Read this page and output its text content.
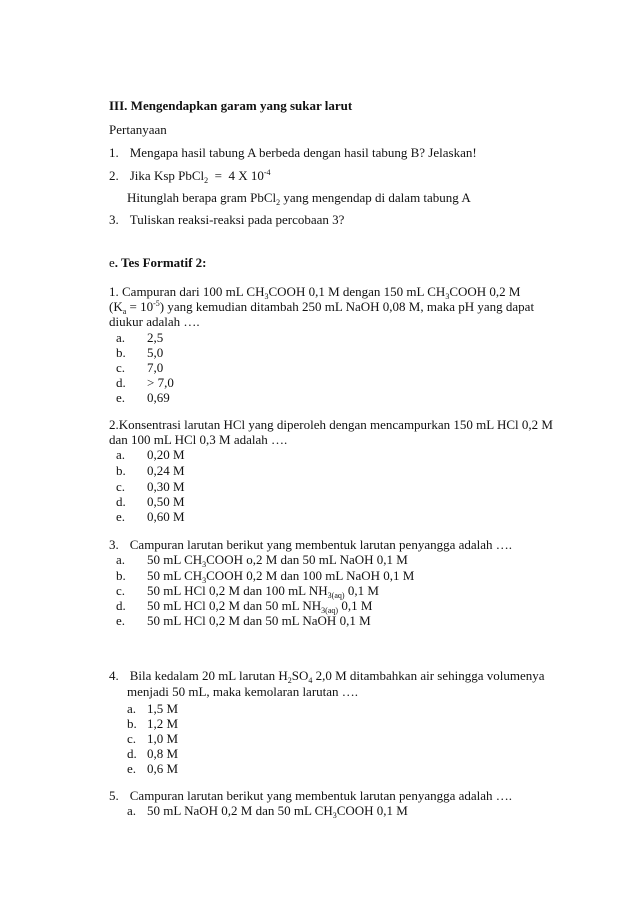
III. Mengendapkan garam yang sukar larut
Pertanyaan
1. Mengapa hasil tabung A berbeda dengan hasil tabung B? Jelaskan!
2. Jika Ksp PbCl$_2$  =  4 X $10^{-4}$
Hitunglah berapa gram PbCl$_2$ yang mengendap di dalam tabung A
3. Tuliskan reaksi-reaksi pada percobaan 3?
e. Tes Formatif 2:
1. Campuran dari 100 mL $CH_3COOH$ 0,1 M dengan 150 mL $CH_3COOH$ 0,2 M
$(K_a = 10^{-5})$ yang kemudian ditambah 250 mL NaOH 0,08 M, maka pH yang dapat
diukur adalah ….
a. 2,5
b. 5,0
c. 7,0
d. > 7,0
e. 0,69
2.Konsentrasi larutan HCl yang diperoleh dengan mencampurkan 150 mL HCl 0,2 M
dan 100 mL HCl 0,3 M adalah ….
a. 0,20 M
b. 0,24 M
c. 0,30 M
d. 0,50 M
e. 0,60 M
3. Campuran larutan berikut yang membentuk larutan penyangga adalah ….
a. 50 mL $CH_3COOH$ o,2 M dan 50 mL NaOH 0,1 M
b. 50 mL $CH_3COOH$ 0,2 M dan 100 mL NaOH 0,1 M
c. 50 mL HCl 0,2 M dan 100 mL $NH_{3(aq)}$ 0,1 M
d. 50 mL HCl 0,2 M dan 50 mL $NH_{3(aq)}$ 0,1 M
e. 50 mL HCl 0,2 M dan 50 mL NaOH 0,1 M
4. Bila kedalam 20 mL larutan $H_2SO_4$ 2,0 M ditambahkan air sehingga volumenya
menjadi 50 mL, maka kemolaran larutan ….
a. 1,5 M
b. 1,2 M
c. 1,0 M
d. 0,8 M
e. 0,6 M
5. Campuran larutan berikut yang membentuk larutan penyangga adalah ….
a. 50 mL NaOH 0,2 M dan 50 mL $CH_3COOH$ 0,1 M
